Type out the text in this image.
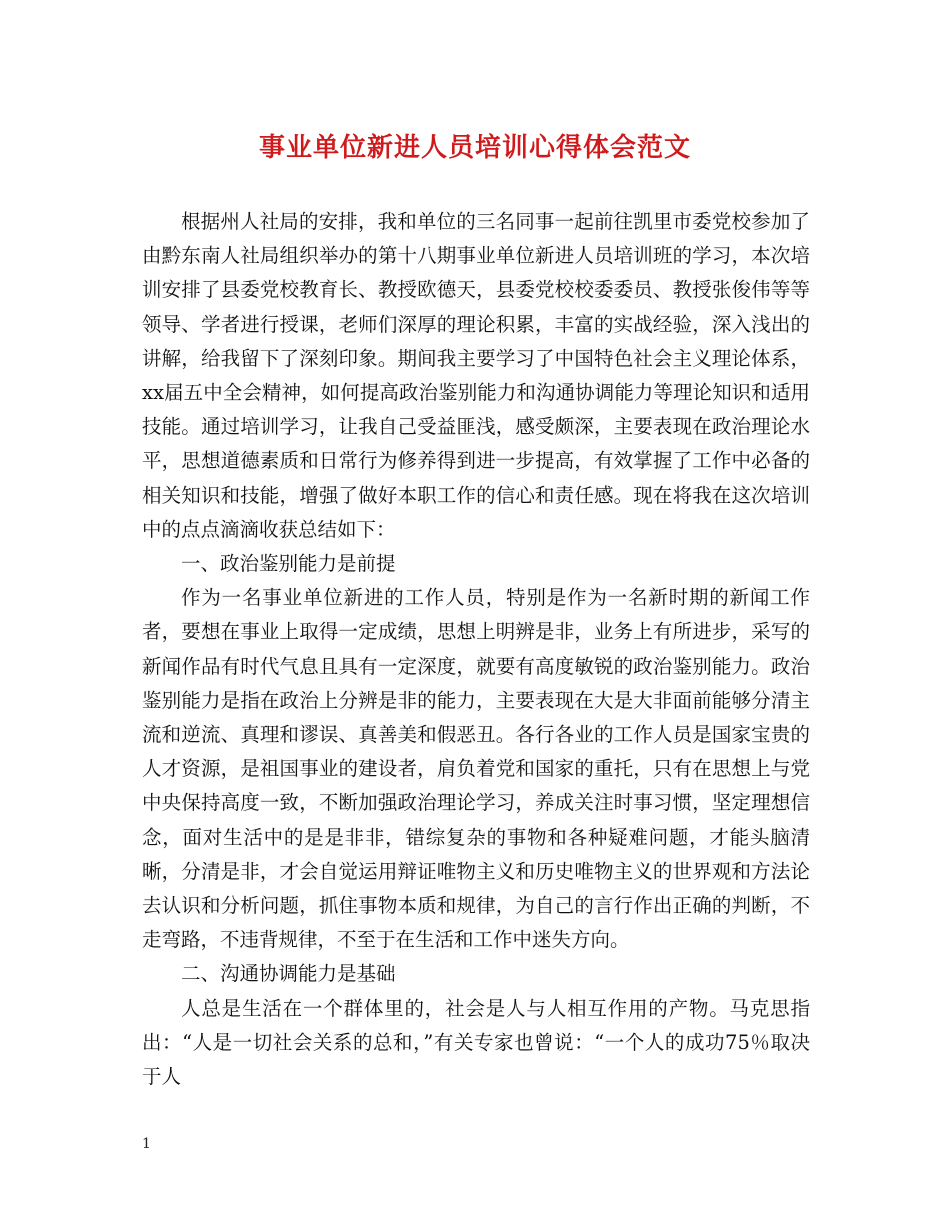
事业单位新进人员培训心得体会范文

根据州人社局的安排，我和单位的三名同事一起前往凯里市委党校参加了由黔东南人社局组织举办的第十八期事业单位新进人员培训班的学习，本次培训安排了县委党校教育长、教授欧德天，县委党校校委委员、教授张俊伟等等领导、学者进行授课，老师们深厚的理论积累，丰富的实战经验，深入浅出的讲解，给我留下了深刻印象。期间我主要学习了中国特色社会主义理论体系，xx届五中全会精神，如何提高政治鉴别能力和沟通协调能力等理论知识和适用技能。通过培训学习，让我自己受益匪浅，感受颇深，主要表现在政治理论水平，思想道德素质和日常行为修养得到进一步提高，有效掌握了工作中必备的相关知识和技能，增强了做好本职工作的信心和责任感。现在将我在这次培训中的点点滴滴收获总结如下：

一、政治鉴别能力是前提

作为一名事业单位新进的工作人员，特别是作为一名新时期的新闻工作者，要想在事业上取得一定成绩，思想上明辨是非，业务上有所进步，采写的新闻作品有时代气息且具有一定深度，就要有高度敏锐的政治鉴别能力。政治鉴别能力是指在政治上分辨是非的能力，主要表现在大是大非面前能够分清主流和逆流、真理和谬误、真善美和假恶丑。各行各业的工作人员是国家宝贵的人才资源，是祖国事业的建设者，肩负着党和国家的重托，只有在思想上与党中央保持高度一致，不断加强政治理论学习，养成关注时事习惯，坚定理想信念，面对生活中的是是非非，错综复杂的事物和各种疑难问题，才能头脑清晰，分清是非，才会自觉运用辩证唯物主义和历史唯物主义的世界观和方法论去认识和分析问题，抓住事物本质和规律，为自己的言行作出正确的判断，不走弯路，不违背规律，不至于在生活和工作中迷失方向。

二、沟通协调能力是基础

人总是生活在一个群体里的，社会是人与人相互作用的产物。马克思指出：“人是一切社会关系的总和，”有关专家也曾说：“一个人的成功75％取决于人

1
